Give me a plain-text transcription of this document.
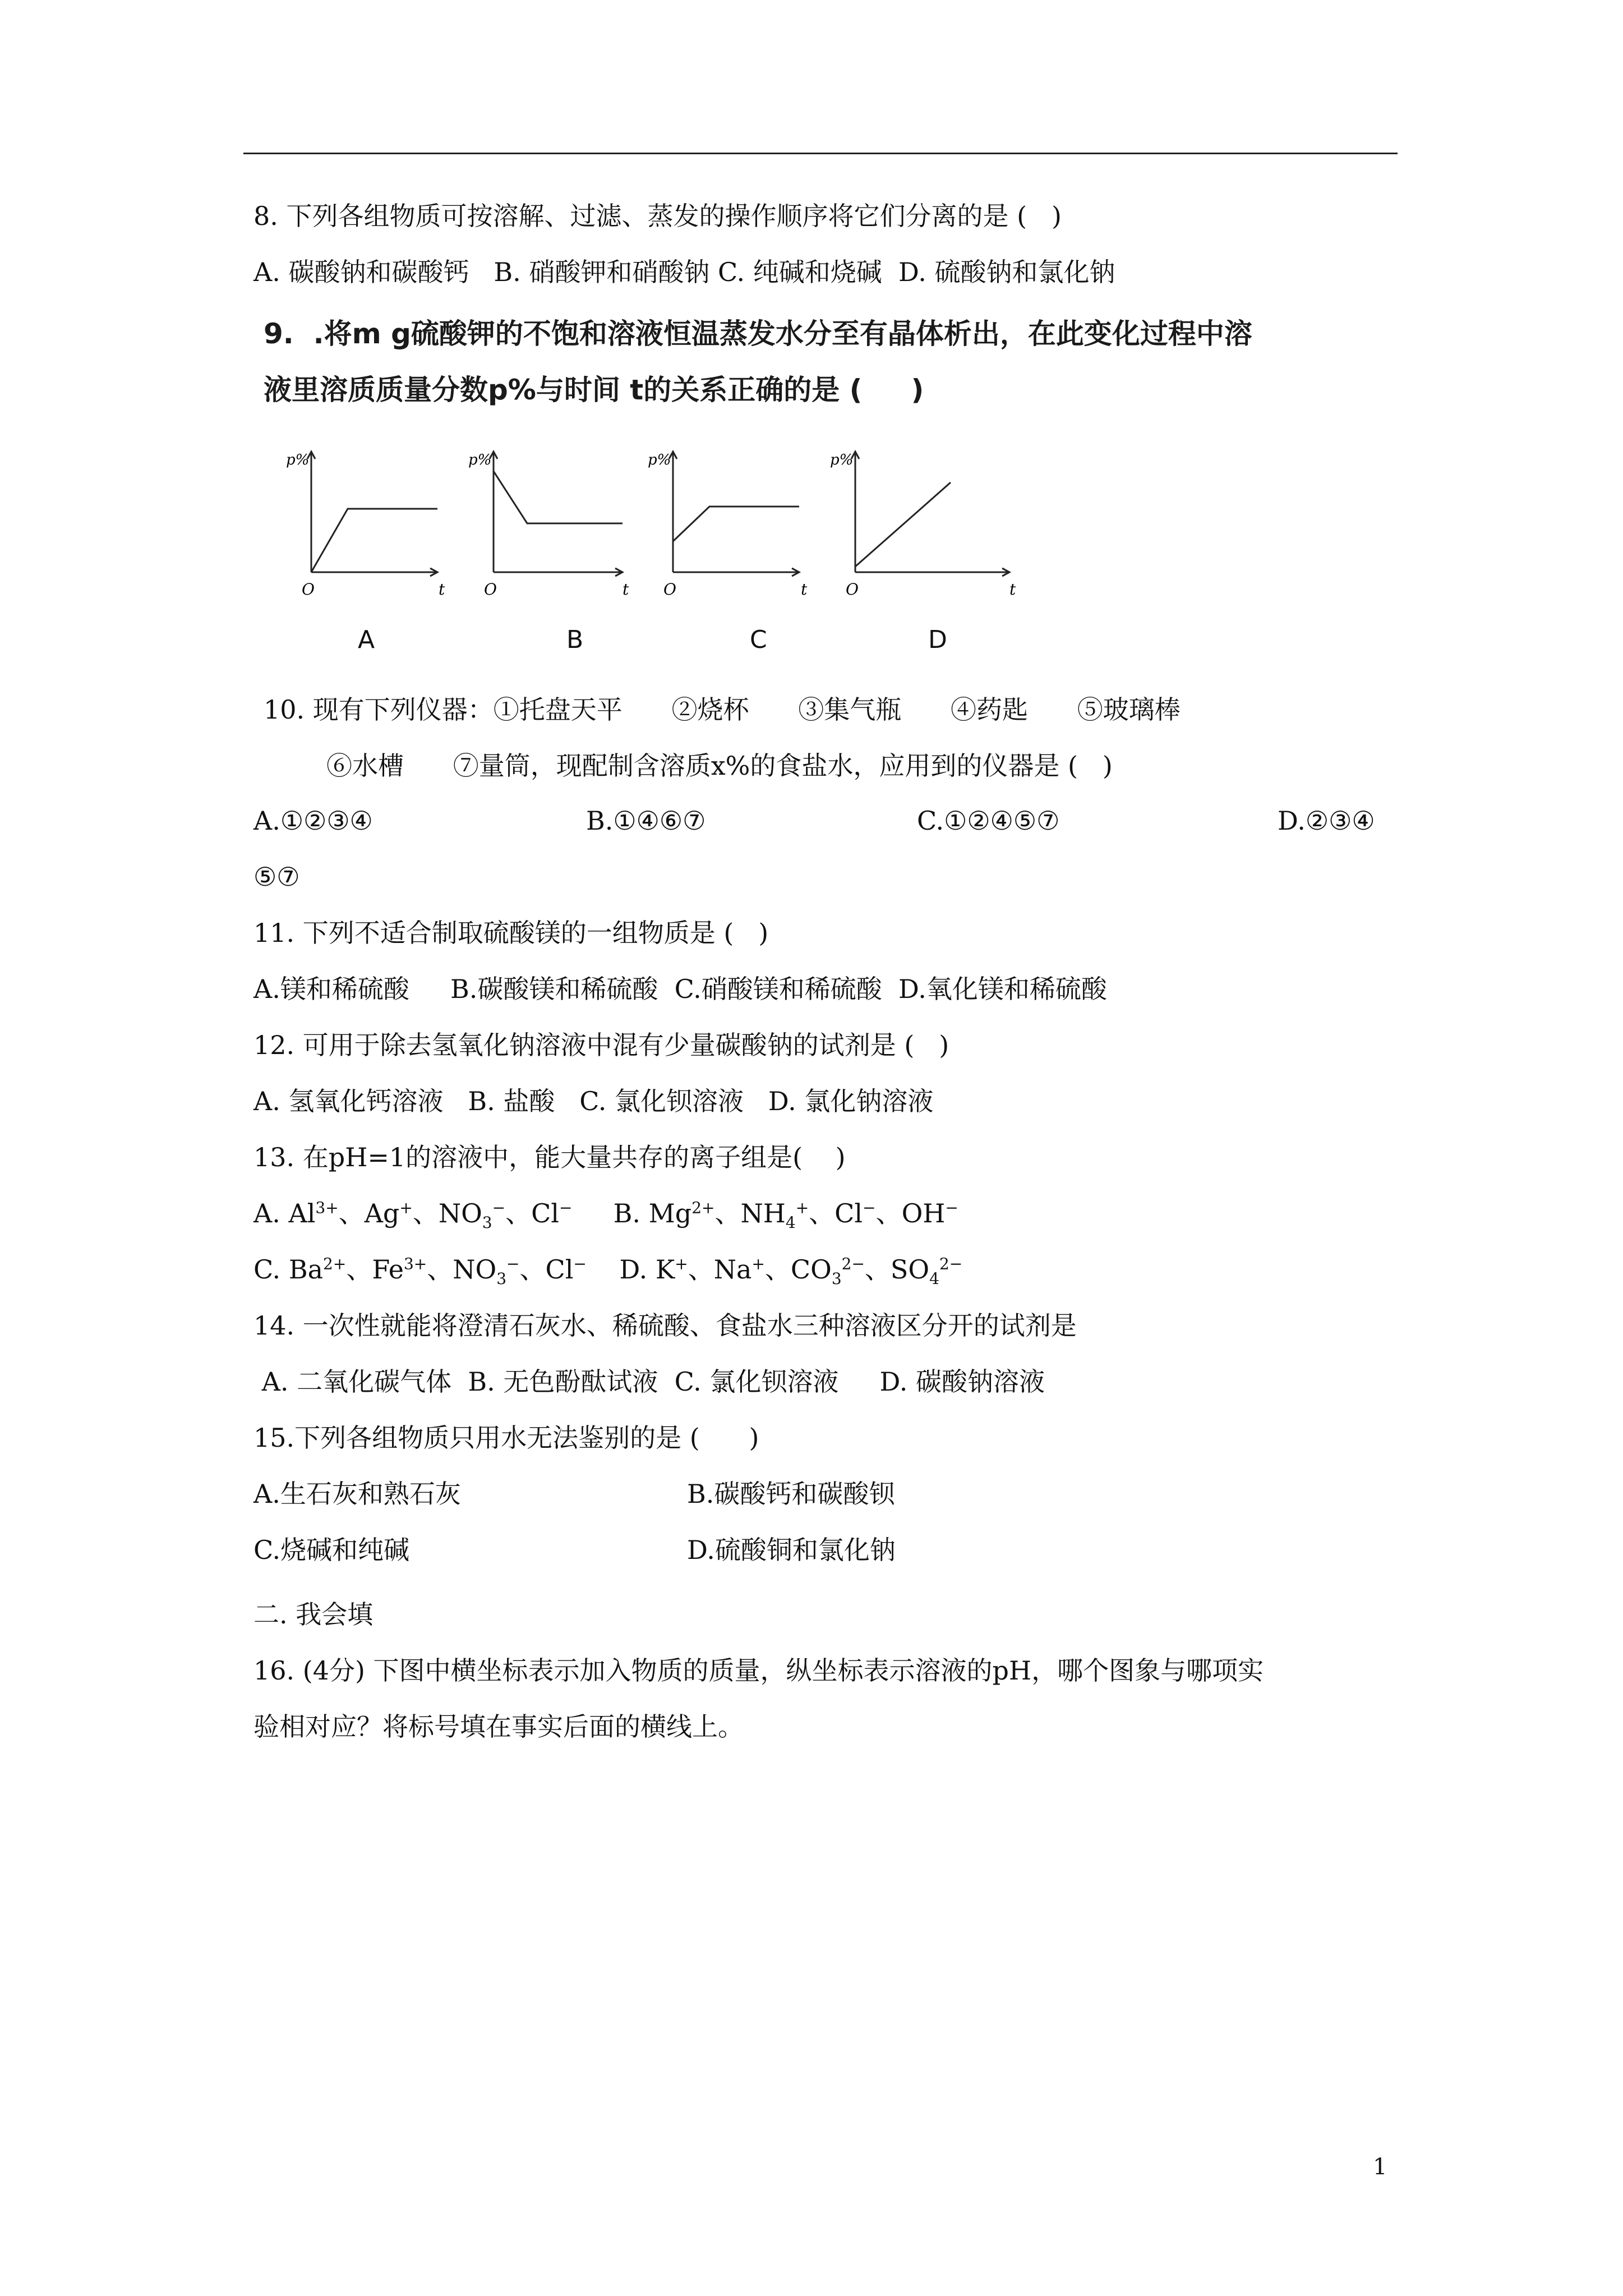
8. 下列各组物质可按溶解、过滤、蒸发的操作顺序将它们分离的是 (   )
A. 碳酸钠和碳酸钙   B. 硝酸钾和硝酸钠 C. 纯碱和烧碱  D. 硫酸钠和氯化钠
9.  .将m g硫酸钾的不饱和溶液恒温蒸发水分至有晶体析出，在此变化过程中溶
液里溶质质量分数p%与时间 t的关系正确的是 (     )
p%
O	t
p%
O	t
p%
O	t
p%
O	t
A	B	C	D
10. 现有下列仪器：①托盘天平      ②烧杯      ③集气瓶      ④药匙      ⑤玻璃棒
⑥水槽      ⑦量筒，现配制含溶质x%的食盐水，应用到的仪器是 (   )
A.①②③④	B.①④⑥⑦	C.①②④⑤⑦	D.②③④
⑤⑦
11. 下列不适合制取硫酸镁的一组物质是 (   )
A.镁和稀硫酸     B.碳酸镁和稀硫酸  C.硝酸镁和稀硫酸  D.氧化镁和稀硫酸
12. 可用于除去氢氧化钠溶液中混有少量碳酸钠的试剂是 (   )
A. 氢氧化钙溶液   B. 盐酸   C. 氯化钡溶液   D. 氯化钠溶液
13. 在pH=1的溶液中，能大量共存的离子组是(    )
A. $Al^{3+}$、Ag+、$NO_3^-$、Cl− B. $Mg^{2+}$、$NH_4^+$、Cl−、OH−
C. $Ba^{2+}$、$Fe^{3+}$、$NO_3^-$、Cl− D. K+、Na+、$CO_3^{2-}$、$SO_4^{2-}$
14. 一次性就能将澄清石灰水、稀硫酸、食盐水三种溶液区分开的试剂是
A. 二氧化碳气体  B. 无色酚酞试液  C. 氯化钡溶液     D. 碳酸钠溶液
15.下列各组物质只用水无法鉴别的是 (      )
A.生石灰和熟石灰	B.碳酸钙和碳酸钡
C.烧碱和纯碱	D.硫酸铜和氯化钠
二. 我会填
16. (4分) 下图中横坐标表示加入物质的质量，纵坐标表示溶液的pH，哪个图象与哪项实
验相对应？将标号填在事实后面的横线上。
1
